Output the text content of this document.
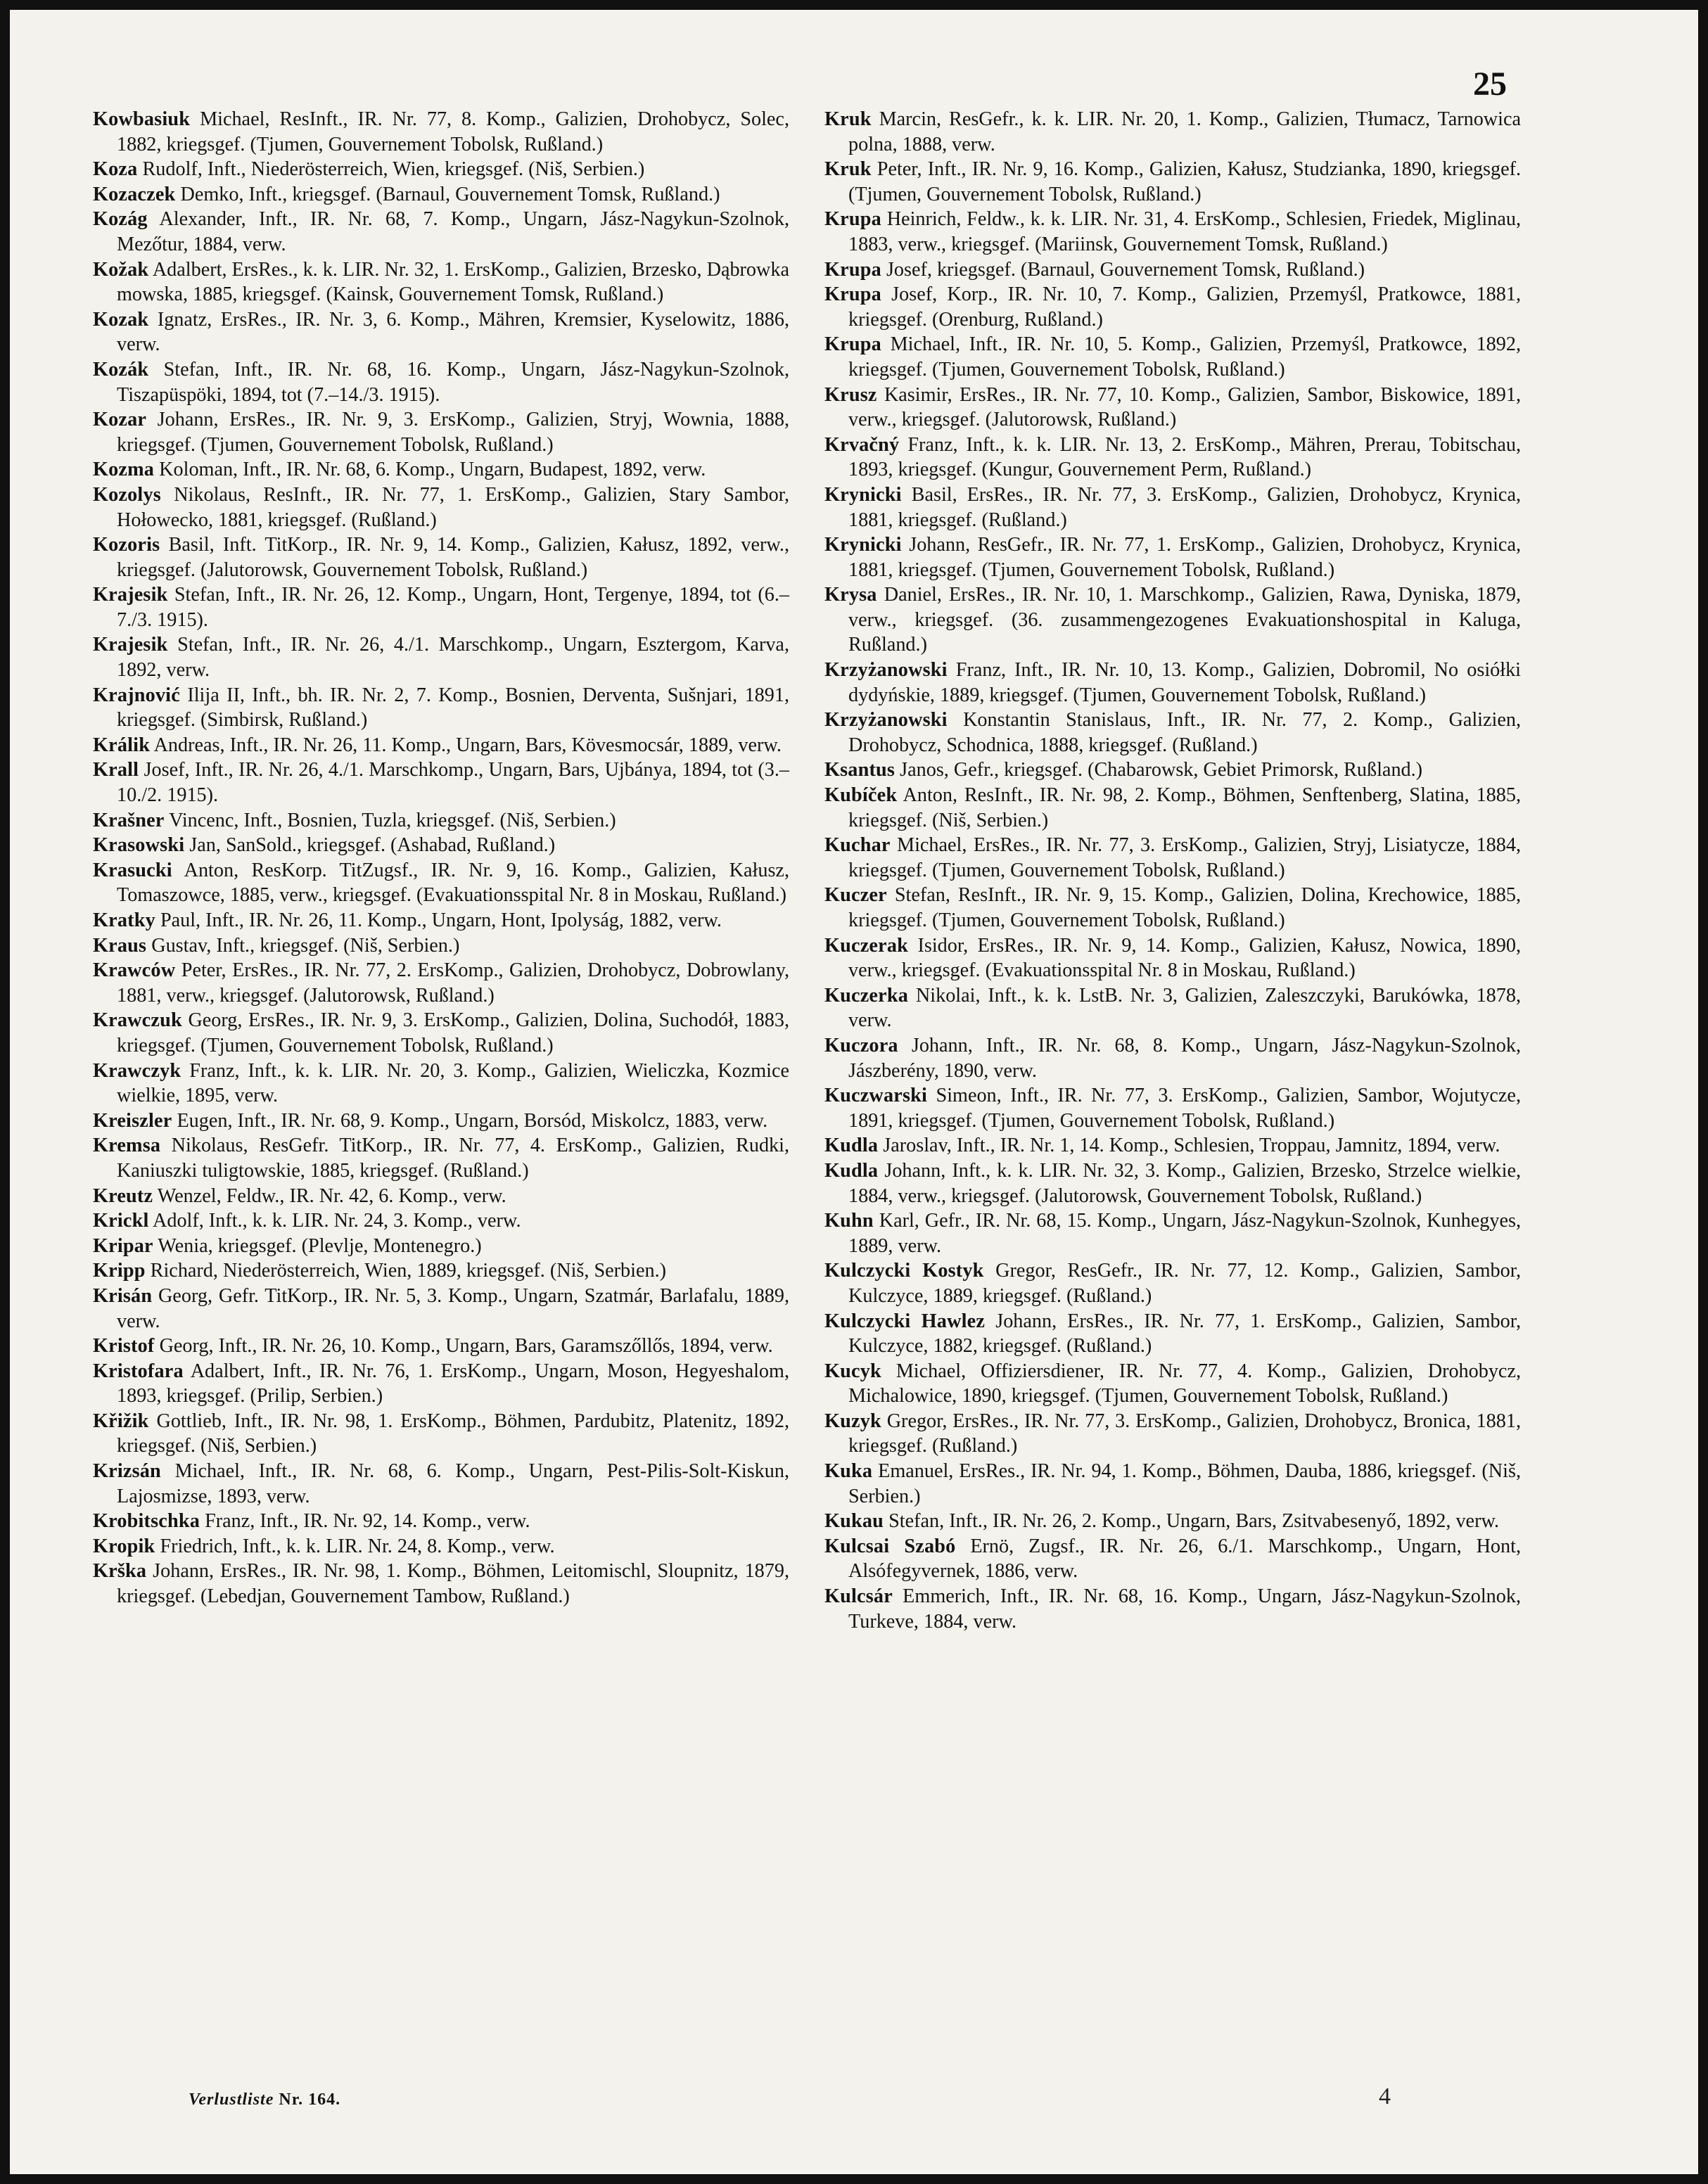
25

Kowbasiuk Michael, ResInft., IR. Nr. 77, 8. Komp., Galizien, Drohobycz, Solec, 1882, kriegsgef. (Tjumen, Gouvernement Tobolsk, Rußland.)

Koza Rudolf, Inft., Niederösterreich, Wien, kriegsgef. (Niš, Serbien.)

Kozaczek Demko, Inft., kriegsgef. (Barnaul, Gouvernement Tomsk, Rußland.)

Kozág Alexander, Inft., IR. Nr. 68, 7. Komp., Ungarn, Jász-Nagykun-Szolnok, Mezőtur, 1884, verw.

Kožak Adalbert, ErsRes., k. k. LIR. Nr. 32, 1. ErsKomp., Galizien, Brzesko, Dąbrowka mowska, 1885, kriegsgef. (Kainsk, Gouvernement Tomsk, Rußland.)

Kozak Ignatz, ErsRes., IR. Nr. 3, 6. Komp., Mähren, Kremsier, Kyselowitz, 1886, verw.

Kozák Stefan, Inft., IR. Nr. 68, 16. Komp., Ungarn, Jász-Nagykun-Szolnok, Tiszapüspöki, 1894, tot (7.–14./3. 1915).

Kozar Johann, ErsRes., IR. Nr. 9, 3. ErsKomp., Galizien, Stryj, Wownia, 1888, kriegsgef. (Tjumen, Gouvernement Tobolsk, Rußland.)

Kozma Koloman, Inft., IR. Nr. 68, 6. Komp., Ungarn, Budapest, 1892, verw.

Kozolys Nikolaus, ResInft., IR. Nr. 77, 1. ErsKomp., Galizien, Stary Sambor, Hołowecko, 1881, kriegsgef. (Rußland.)

Kozoris Basil, Inft. TitKorp., IR. Nr. 9, 14. Komp., Galizien, Kałusz, 1892, verw., kriegsgef. (Jalutorowsk, Gouvernement Tobolsk, Rußland.)

Krajesik Stefan, Inft., IR. Nr. 26, 12. Komp., Ungarn, Hont, Tergenye, 1894, tot (6.–7./3. 1915).

Krajesik Stefan, Inft., IR. Nr. 26, 4./1. Marschkomp., Ungarn, Esztergom, Karva, 1892, verw.

Krajnović Ilija II, Inft., bh. IR. Nr. 2, 7. Komp., Bosnien, Derventa, Sušnjari, 1891, kriegsgef. (Simbirsk, Rußland.)

Králik Andreas, Inft., IR. Nr. 26, 11. Komp., Ungarn, Bars, Kövesmocsár, 1889, verw.

Krall Josef, Inft., IR. Nr. 26, 4./1. Marschkomp., Ungarn, Bars, Ujbánya, 1894, tot (3.–10./2. 1915).

Krašner Vincenc, Inft., Bosnien, Tuzla, kriegsgef. (Niš, Serbien.)

Krasowski Jan, SanSold., kriegsgef. (Ashabad, Rußland.)

Krasucki Anton, ResKorp. TitZugsf., IR. Nr. 9, 16. Komp., Galizien, Kałusz, Tomaszowce, 1885, verw., kriegsgef. (Evakuationsspital Nr. 8 in Moskau, Rußland.)

Kratky Paul, Inft., IR. Nr. 26, 11. Komp., Ungarn, Hont, Ipolyság, 1882, verw.

Kraus Gustav, Inft., kriegsgef. (Niš, Serbien.)

Krawców Peter, ErsRes., IR. Nr. 77, 2. ErsKomp., Galizien, Drohobycz, Dobrowlany, 1881, verw., kriegsgef. (Jalutorowsk, Rußland.)

Krawczuk Georg, ErsRes., IR. Nr. 9, 3. ErsKomp., Galizien, Dolina, Suchodół, 1883, kriegsgef. (Tjumen, Gouvernement Tobolsk, Rußland.)

Krawczyk Franz, Inft., k. k. LIR. Nr. 20, 3. Komp., Galizien, Wieliczka, Kozmice wielkie, 1895, verw.

Kreiszler Eugen, Inft., IR. Nr. 68, 9. Komp., Ungarn, Borsód, Miskolcz, 1883, verw.

Kremsa Nikolaus, ResGefr. TitKorp., IR. Nr. 77, 4. ErsKomp., Galizien, Rudki, Kaniuszki tuligtowskie, 1885, kriegsgef. (Rußland.)

Kreutz Wenzel, Feldw., IR. Nr. 42, 6. Komp., verw.

Krickl Adolf, Inft., k. k. LIR. Nr. 24, 3. Komp., verw.

Kripar Wenia, kriegsgef. (Plevlje, Montenegro.)

Kripp Richard, Niederösterreich, Wien, 1889, kriegsgef. (Niš, Serbien.)

Krisán Georg, Gefr. TitKorp., IR. Nr. 5, 3. Komp., Ungarn, Szatmár, Barlafalu, 1889, verw.

Kristof Georg, Inft., IR. Nr. 26, 10. Komp., Ungarn, Bars, Garamszőllős, 1894, verw.

Kristofara Adalbert, Inft., IR. Nr. 76, 1. ErsKomp., Ungarn, Moson, Hegyeshalom, 1893, kriegsgef. (Prilip, Serbien.)

Křižik Gottlieb, Inft., IR. Nr. 98, 1. ErsKomp., Böhmen, Pardubitz, Platenitz, 1892, kriegsgef. (Niš, Serbien.)

Krizsán Michael, Inft., IR. Nr. 68, 6. Komp., Ungarn, Pest-Pilis-Solt-Kiskun, Lajosmizse, 1893, verw.

Krobitschka Franz, Inft., IR. Nr. 92, 14. Komp., verw.

Kropik Friedrich, Inft., k. k. LIR. Nr. 24, 8. Komp., verw.

Krška Johann, ErsRes., IR. Nr. 98, 1. Komp., Böhmen, Leitomischl, Sloupnitz, 1879, kriegsgef. (Lebedjan, Gouvernement Tambow, Rußland.)

Kruk Marcin, ResGefr., k. k. LIR. Nr. 20, 1. Komp., Galizien, Tłumacz, Tarnowica polna, 1888, verw.

Kruk Peter, Inft., IR. Nr. 9, 16. Komp., Galizien, Kałusz, Studzianka, 1890, kriegsgef. (Tjumen, Gouvernement Tobolsk, Rußland.)

Krupa Heinrich, Feldw., k. k. LIR. Nr. 31, 4. ErsKomp., Schlesien, Friedek, Miglinau, 1883, verw., kriegsgef. (Mariinsk, Gouvernement Tomsk, Rußland.)

Krupa Josef, kriegsgef. (Barnaul, Gouvernement Tomsk, Rußland.)

Krupa Josef, Korp., IR. Nr. 10, 7. Komp., Galizien, Przemyśl, Pratkowce, 1881, kriegsgef. (Orenburg, Rußland.)

Krupa Michael, Inft., IR. Nr. 10, 5. Komp., Galizien, Przemyśl, Pratkowce, 1892, kriegsgef. (Tjumen, Gouvernement Tobolsk, Rußland.)

Krusz Kasimir, ErsRes., IR. Nr. 77, 10. Komp., Galizien, Sambor, Biskowice, 1891, verw., kriegsgef. (Jalutorowsk, Rußland.)

Krvačný Franz, Inft., k. k. LIR. Nr. 13, 2. ErsKomp., Mähren, Prerau, Tobitschau, 1893, kriegsgef. (Kungur, Gouvernement Perm, Rußland.)

Krynicki Basil, ErsRes., IR. Nr. 77, 3. ErsKomp., Galizien, Drohobycz, Krynica, 1881, kriegsgef. (Rußland.)

Krynicki Johann, ResGefr., IR. Nr. 77, 1. ErsKomp., Galizien, Drohobycz, Krynica, 1881, kriegsgef. (Tjumen, Gouvernement Tobolsk, Rußland.)

Krysa Daniel, ErsRes., IR. Nr. 10, 1. Marschkomp., Galizien, Rawa, Dyniska, 1879, verw., kriegsgef. (36. zusammengezogenes Evakuationshospital in Kaluga, Rußland.)

Krzyżanowski Franz, Inft., IR. Nr. 10, 13. Komp., Galizien, Dobromil, No osiółki dydyńskie, 1889, kriegsgef. (Tjumen, Gouvernement Tobolsk, Rußland.)

Krzyżanowski Konstantin Stanislaus, Inft., IR. Nr. 77, 2. Komp., Galizien, Drohobycz, Schodnica, 1888, kriegsgef. (Rußland.)

Ksantus Janos, Gefr., kriegsgef. (Chabarowsk, Gebiet Primorsk, Rußland.)

Kubíček Anton, ResInft., IR. Nr. 98, 2. Komp., Böhmen, Senftenberg, Slatina, 1885, kriegsgef. (Niš, Serbien.)

Kuchar Michael, ErsRes., IR. Nr. 77, 3. ErsKomp., Galizien, Stryj, Lisiatycze, 1884, kriegsgef. (Tjumen, Gouvernement Tobolsk, Rußland.)

Kuczer Stefan, ResInft., IR. Nr. 9, 15. Komp., Galizien, Dolina, Krechowice, 1885, kriegsgef. (Tjumen, Gouvernement Tobolsk, Rußland.)

Kuczerak Isidor, ErsRes., IR. Nr. 9, 14. Komp., Galizien, Kałusz, Nowica, 1890, verw., kriegsgef. (Evakuationsspital Nr. 8 in Moskau, Rußland.)

Kuczerka Nikolai, Inft., k. k. LstB. Nr. 3, Galizien, Zaleszczyki, Barukówka, 1878, verw.

Kuczora Johann, Inft., IR. Nr. 68, 8. Komp., Ungarn, Jász-Nagykun-Szolnok, Jászberény, 1890, verw.

Kuczwarski Simeon, Inft., IR. Nr. 77, 3. ErsKomp., Galizien, Sambor, Wojutycze, 1891, kriegsgef. (Tjumen, Gouvernement Tobolsk, Rußland.)

Kudla Jaroslav, Inft., IR. Nr. 1, 14. Komp., Schlesien, Troppau, Jamnitz, 1894, verw.

Kudla Johann, Inft., k. k. LIR. Nr. 32, 3. Komp., Galizien, Brzesko, Strzelce wielkie, 1884, verw., kriegsgef. (Jalutorowsk, Gouvernement Tobolsk, Rußland.)

Kuhn Karl, Gefr., IR. Nr. 68, 15. Komp., Ungarn, Jász-Nagykun-Szolnok, Kunhegyes, 1889, verw.

Kulczycki Kostyk Gregor, ResGefr., IR. Nr. 77, 12. Komp., Galizien, Sambor, Kulczyce, 1889, kriegsgef. (Rußland.)

Kulczycki Hawlez Johann, ErsRes., IR. Nr. 77, 1. ErsKomp., Galizien, Sambor, Kulczyce, 1882, kriegsgef. (Rußland.)

Kucyk Michael, Offiziersdiener, IR. Nr. 77, 4. Komp., Galizien, Drohobycz, Michalowice, 1890, kriegsgef. (Tjumen, Gouvernement Tobolsk, Rußland.)

Kuzyk Gregor, ErsRes., IR. Nr. 77, 3. ErsKomp., Galizien, Drohobycz, Bronica, 1881, kriegsgef. (Rußland.)

Kuka Emanuel, ErsRes., IR. Nr. 94, 1. Komp., Böhmen, Dauba, 1886, kriegsgef. (Niš, Serbien.)

Kukau Stefan, Inft., IR. Nr. 26, 2. Komp., Ungarn, Bars, Zsitvabesenyő, 1892, verw.

Kulcsai Szabó Ernö, Zugsf., IR. Nr. 26, 6./1. Marschkomp., Ungarn, Hont, Alsófegyvernek, 1886, verw.

Kulcsár Emmerich, Inft., IR. Nr. 68, 16. Komp., Ungarn, Jász-Nagykun-Szolnok, Turkeve, 1884, verw.

Verlustliste Nr. 164.	4
